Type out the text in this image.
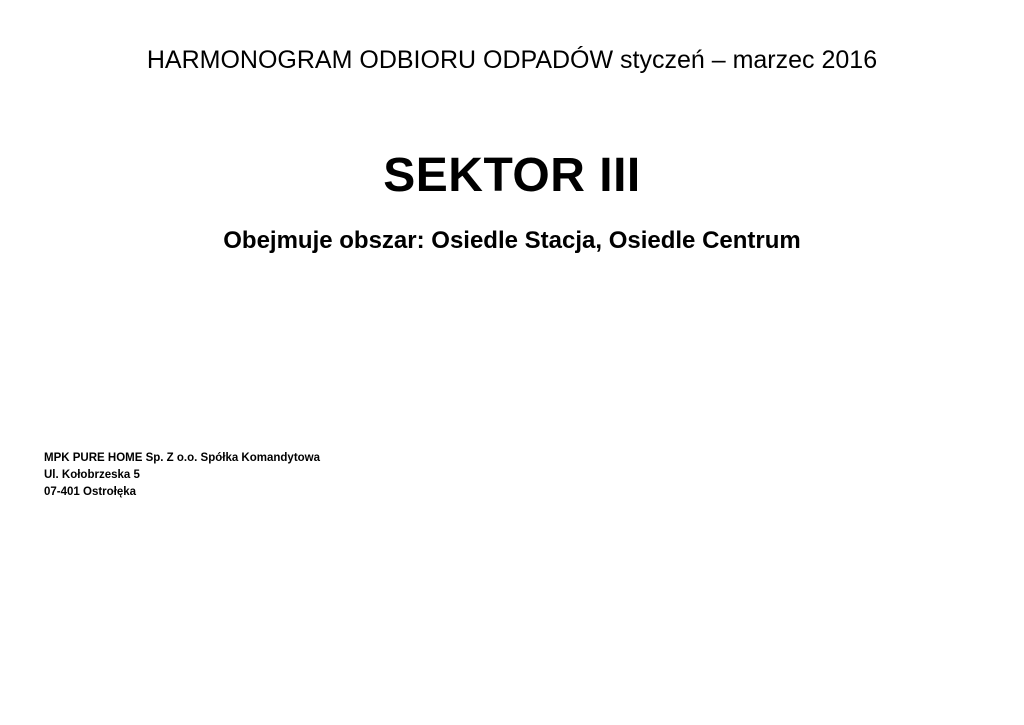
HARMONOGRAM ODBIORU ODPADÓW styczeń – marzec 2016
SEKTOR III
Obejmuje obszar: Osiedle Stacja, Osiedle Centrum
MPK PURE HOME Sp. Z o.o. Spółka Komandytowa
Ul. Kołobrzeska 5
07-401 Ostrołęka
